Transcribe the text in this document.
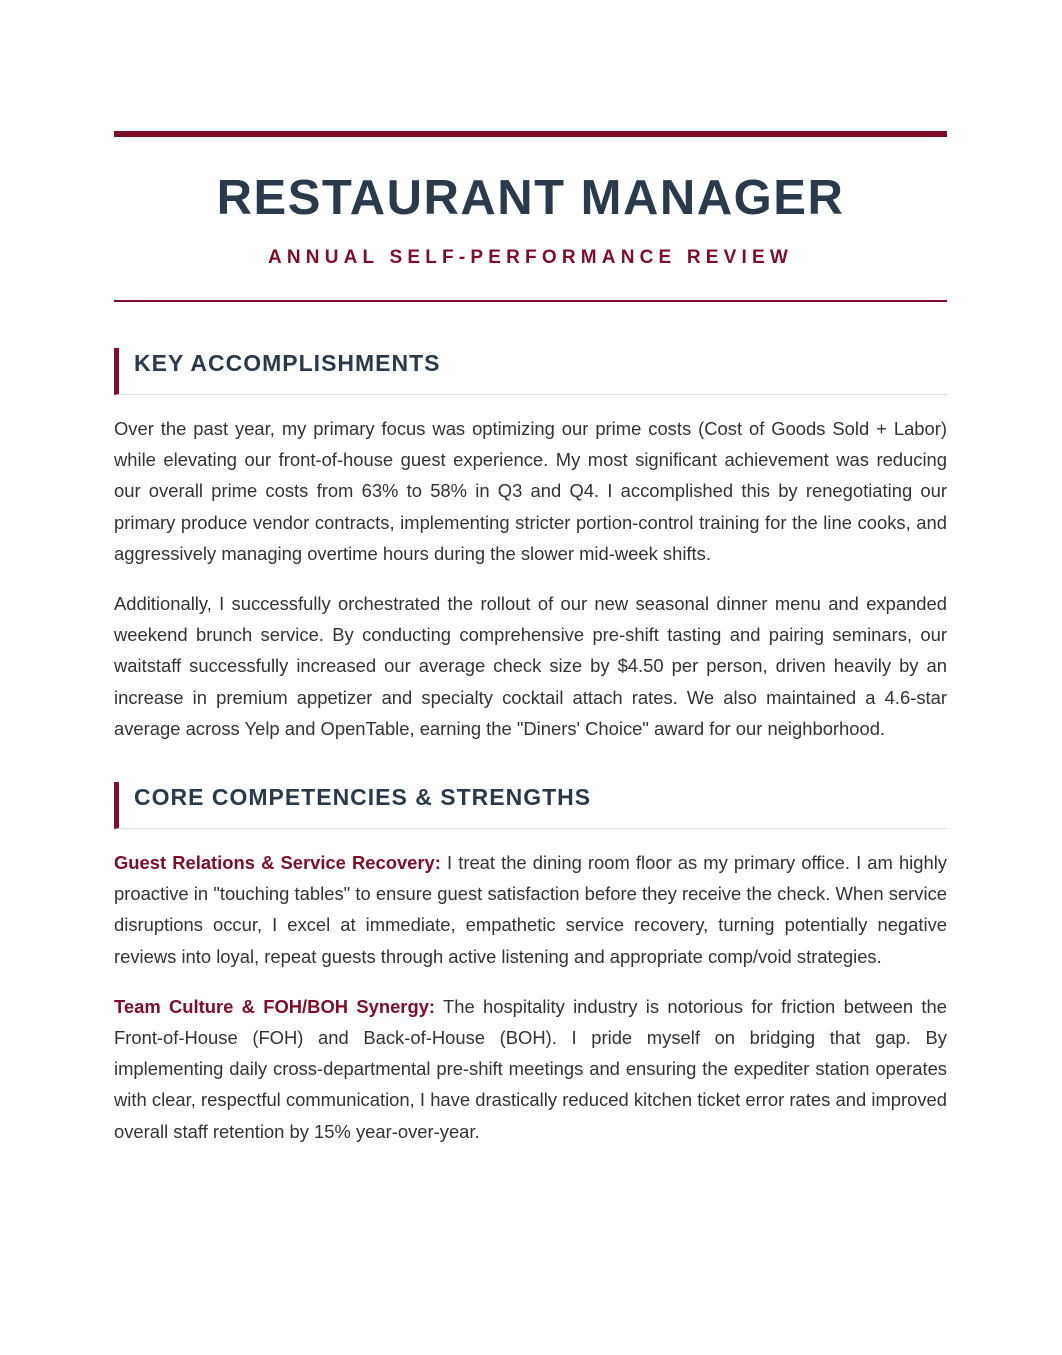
RESTAURANT MANAGER
ANNUAL SELF-PERFORMANCE REVIEW
KEY ACCOMPLISHMENTS

Over the past year, my primary focus was optimizing our prime costs (Cost of Goods Sold + Labor) while elevating our front-of-house guest experience. My most significant achievement was reducing our overall prime costs from 63% to 58% in Q3 and Q4. I accomplished this by renegotiating our primary produce vendor contracts, implementing stricter portion-control training for the line cooks, and aggressively managing overtime hours during the slower mid-week shifts.

Additionally, I successfully orchestrated the rollout of our new seasonal dinner menu and expanded weekend brunch service. By conducting comprehensive pre-shift tasting and pairing seminars, our waitstaff successfully increased our average check size by $4.50 per person, driven heavily by an increase in premium appetizer and specialty cocktail attach rates. We also maintained a 4.6-star average across Yelp and OpenTable, earning the "Diners' Choice" award for our neighborhood.

CORE COMPETENCIES & STRENGTHS

Guest Relations & Service Recovery: I treat the dining room floor as my primary office. I am highly proactive in "touching tables" to ensure guest satisfaction before they receive the check. When service disruptions occur, I excel at immediate, empathetic service recovery, turning potentially negative reviews into loyal, repeat guests through active listening and appropriate comp/void strategies.

Team Culture & FOH/BOH Synergy: The hospitality industry is notorious for friction between the Front-of-House (FOH) and Back-of-House (BOH). I pride myself on bridging that gap. By implementing daily cross-departmental pre-shift meetings and ensuring the expediter station operates with clear, respectful communication, I have drastically reduced kitchen ticket error rates and improved overall staff retention by 15% year-over-year.
